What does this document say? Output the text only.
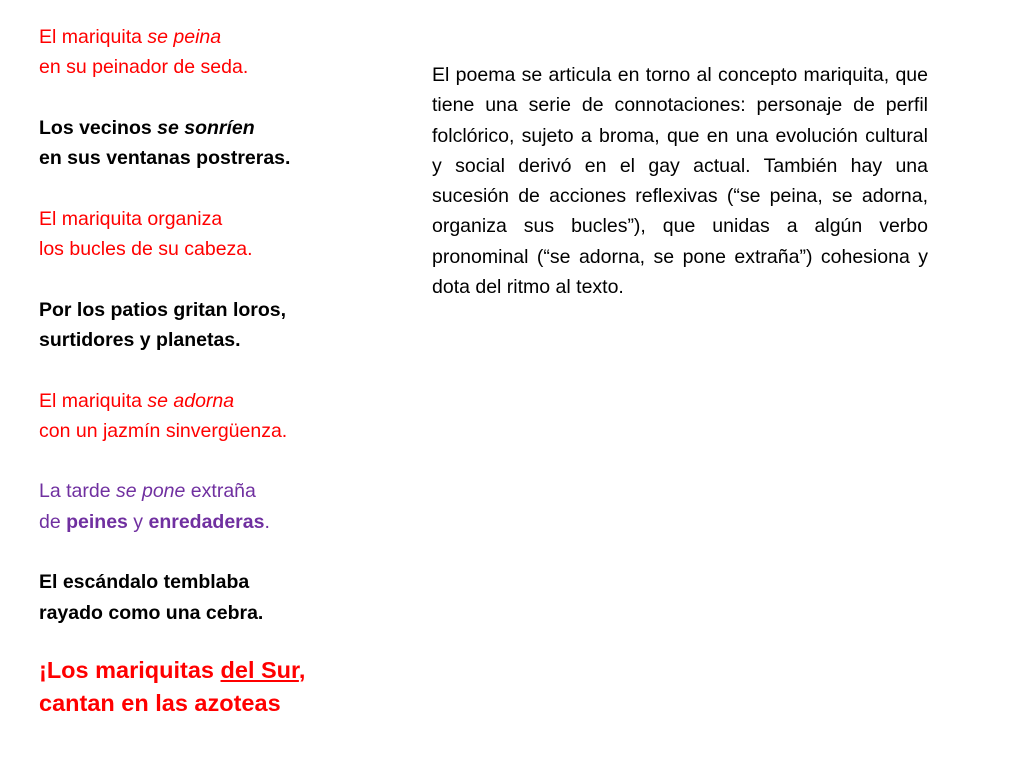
El mariquita se peina
en su peinador de seda.
Los vecinos se sonríen
en sus ventanas postreras.
El mariquita organiza
los bucles de su cabeza.
Por los patios gritan loros,
surtidores y planetas.
El mariquita se adorna
con un jazmín sinvergüenza.
La tarde se pone extraña
de peines y enredaderas.
El escándalo temblaba
rayado como una cebra.
¡Los mariquitas del Sur,
cantan en las azoteas

El poema se articula en torno al concepto mariquita, que tiene una serie de connotaciones: personaje de perfil folclórico, sujeto a broma, que en una evolución cultural y social derivó en el gay actual. También hay una sucesión de acciones reflexivas (“se peina, se adorna, organiza sus bucles”), que unidas a algún verbo pronominal (“se adorna, se pone extraña”) cohesiona y dota del ritmo al texto.
